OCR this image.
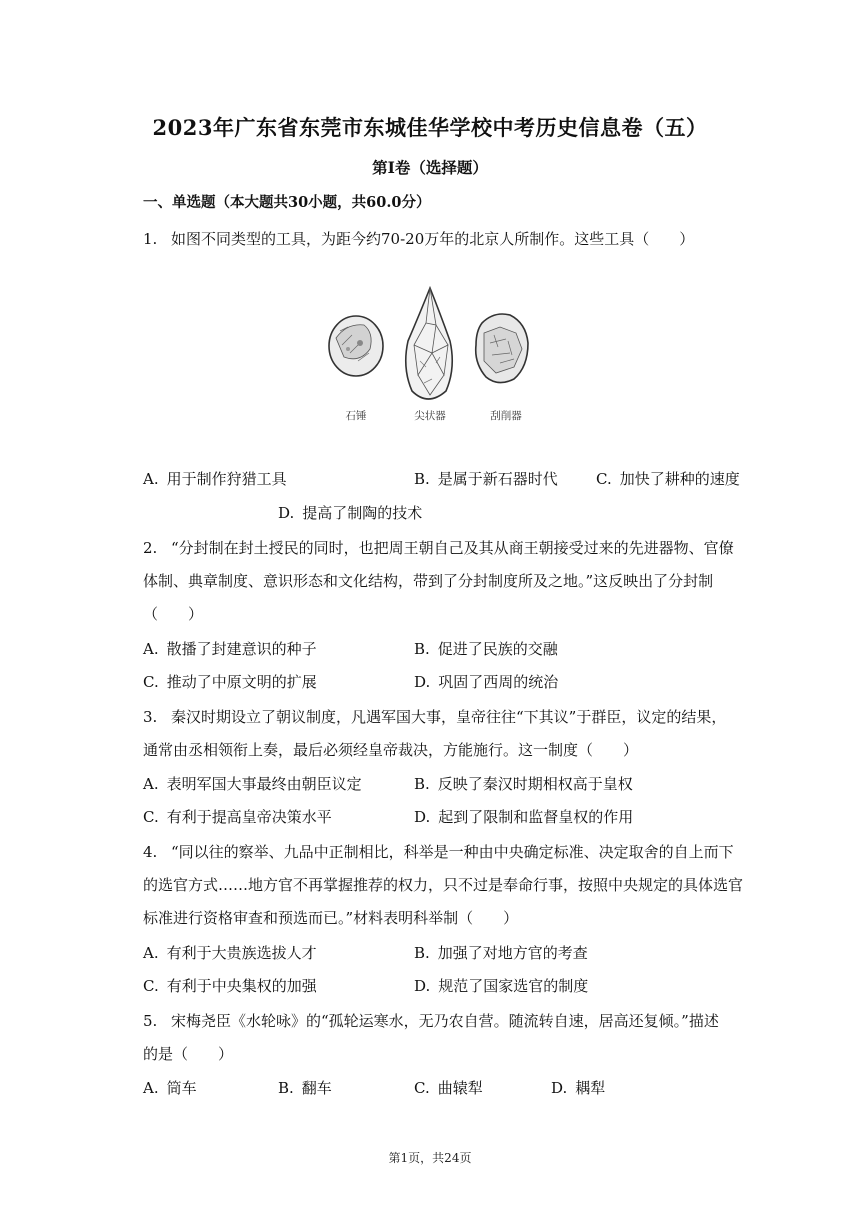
2023年广东省东莞市东城佳华学校中考历史信息卷（五）
第I卷（选择题）
一、单选题（本大题共30小题，共60.0分）
1. 如图不同类型的工具，为距今约70-20万年的北京人所制作。这些工具（　　）
石锤	尖状器	刮削器
A. 用于制作狩猎工具	B. 是属于新石器时代	C. 加快了耕种的速度
D. 提高了制陶的技术
2. “分封制在封土授民的同时，也把周王朝自己及其从商王朝接受过来的先进器物、官僚
体制、典章制度、意识形态和文化结构，带到了分封制度所及之地。”这反映出了分封制
（　　）
A. 散播了封建意识的种子	B. 促进了民族的交融
C. 推动了中原文明的扩展	D. 巩固了西周的统治
3. 秦汉时期设立了朝议制度，凡遇军国大事，皇帝往往“下其议”于群臣，议定的结果，
通常由丞相领衔上奏，最后必须经皇帝裁决，方能施行。这一制度（　　）
A. 表明军国大事最终由朝臣议定	B. 反映了秦汉时期相权高于皇权
C. 有利于提高皇帝决策水平	D. 起到了限制和监督皇权的作用
4. “同以往的察举、九品中正制相比，科举是一种由中央确定标准、决定取舍的自上而下
的选官方式……地方官不再掌握推荐的权力，只不过是奉命行事，按照中央规定的具体选官
标准进行资格审查和预选而已。”材料表明科举制（　　）
A. 有利于大贵族选拔人才	B. 加强了对地方官的考查
C. 有利于中央集权的加强	D. 规范了国家选官的制度
5. 宋梅尧臣《水轮咏》的“孤轮运寒水，无乃农自营。随流转自速，居高还复倾。”描述
的是（　　）
A. 筒车	B. 翻车	C. 曲辕犁	D. 耦犁
第1页，共24页
